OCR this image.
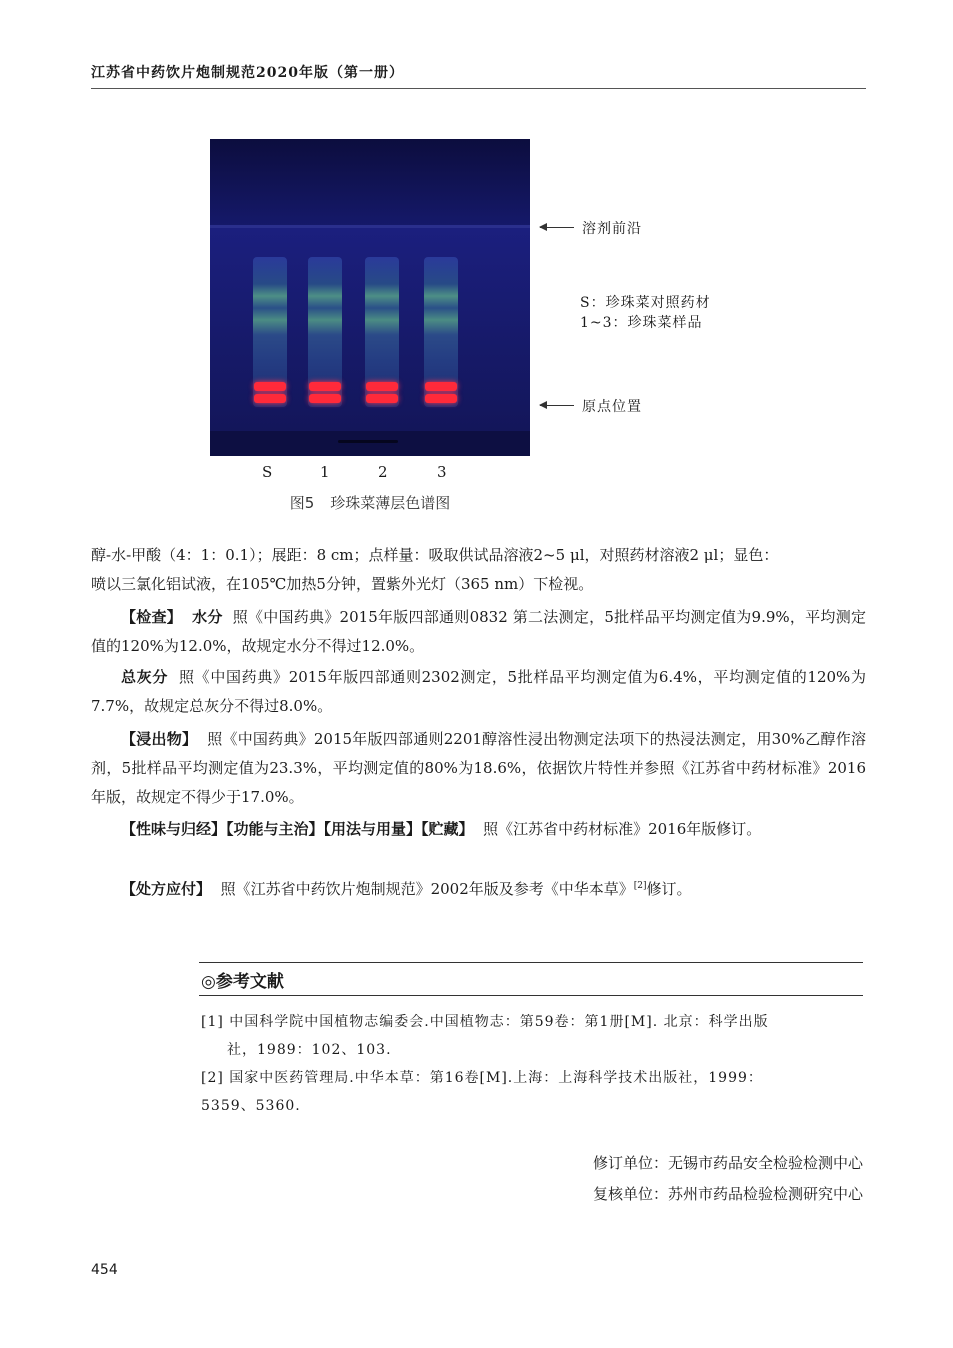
江苏省中药饮片炮制规范2020年版（第一册）
S	1	2	3
溶剂前沿
S：珍珠菜对照药材
1~3：珍珠菜样品
原点位置
图5 珍珠菜薄层色谱图

醇-水-甲酸（4：1：0.1）；展距：8 cm；点样量：吸取供试品溶液2~5 μl，对照药材溶液2 μl；显色：

喷以三氯化铝试液，在105℃加热5分钟，置紫外光灯（365 nm）下检视。

【检查】 水分 照《中国药典》2015年版四部通则0832 第二法测定，5批样品平均测定值为9.9%，平均测定值的120%为12.0%，故规定水分不得过12.0%。

总灰分 照《中国药典》2015年版四部通则2302测定，5批样品平均测定值为6.4%，平均测定值的120%为7.7%，故规定总灰分不得过8.0%。

【浸出物】 照《中国药典》2015年版四部通则2201醇溶性浸出物测定法项下的热浸法测定，用30%乙醇作溶剂，5批样品平均测定值为23.3%，平均测定值的80%为18.6%，依据饮片特性并参照《江苏省中药材标准》2016年版，故规定不得少于17.0%。

【性味与归经】【功能与主治】【用法与用量】【贮藏】 照《江苏省中药材标准》2016年版修订。

【处方应付】 照《江苏省中药饮片炮制规范》2002年版及参考《中华本草》[2]修订。

◎参考文献
[1] 中国科学院中国植物志编委会.中国植物志：第59卷：第1册[M]. 北京：科学出版
社，1989：102、103.
[2] 国家中医药管理局.中华本草：第16卷[M].上海：上海科学技术出版社，1999：
5359、5360.
修订单位：无锡市药品安全检验检测中心
复核单位：苏州市药品检验检测研究中心
454
